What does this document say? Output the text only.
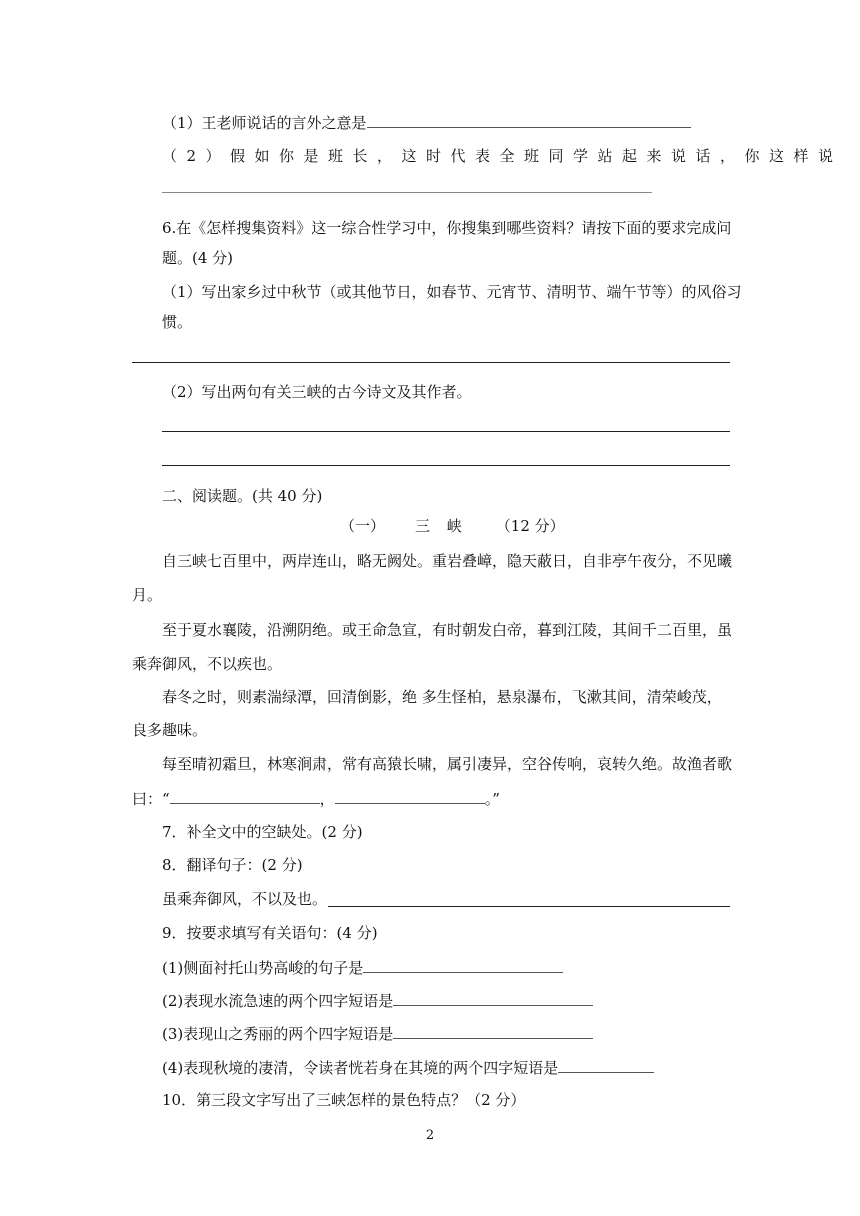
（1）王老师说话的言外之意是
（2）假如你是班长，这时代表全班同学站起来说话，你这样说
6.在《怎样搜集资料》这一综合性学习中，你搜集到哪些资料？请按下面的要求完成问
题。(4 分)
（1）写出家乡过中秋节（或其他节日，如春节、元宵节、清明节、端午节等）的风俗习
惯。
（2）写出两句有关三峡的古今诗文及其作者。
二、阅读题。(共 40 分)
（一） 三 峡 （12 分）
自三峡七百里中，两岸连山，略无阙处。重岩叠嶂，隐天蔽日，自非亭午夜分，不见曦
月。
至于夏水襄陵，沿溯阴绝。或王命急宣，有时朝发白帝，暮到江陵，其间千二百里，虽
乘奔御风，不以疾也。
春冬之时，则素湍绿潭，回清倒影，绝 多生怪柏，悬泉瀑布，飞漱其间，清荣峻茂，
良多趣味。
每至晴初霜旦，林寒涧肃，常有高猿长啸，属引凄异，空谷传响，哀转久绝。故渔者歌
曰：“	，	。”
7．补全文中的空缺处。(2 分)
8．翻译句子：(2 分)
虽乘奔御风，不以及也。
9．按要求填写有关语句：(4 分)
(1)侧面衬托山势高峻的句子是
(2)表现水流急速的两个四字短语是
(3)表现山之秀丽的两个四字短语是
(4)表现秋境的凄清，令读者恍若身在其境的两个四字短语是
10．第三段文字写出了三峡怎样的景色特点？（2 分）
2
